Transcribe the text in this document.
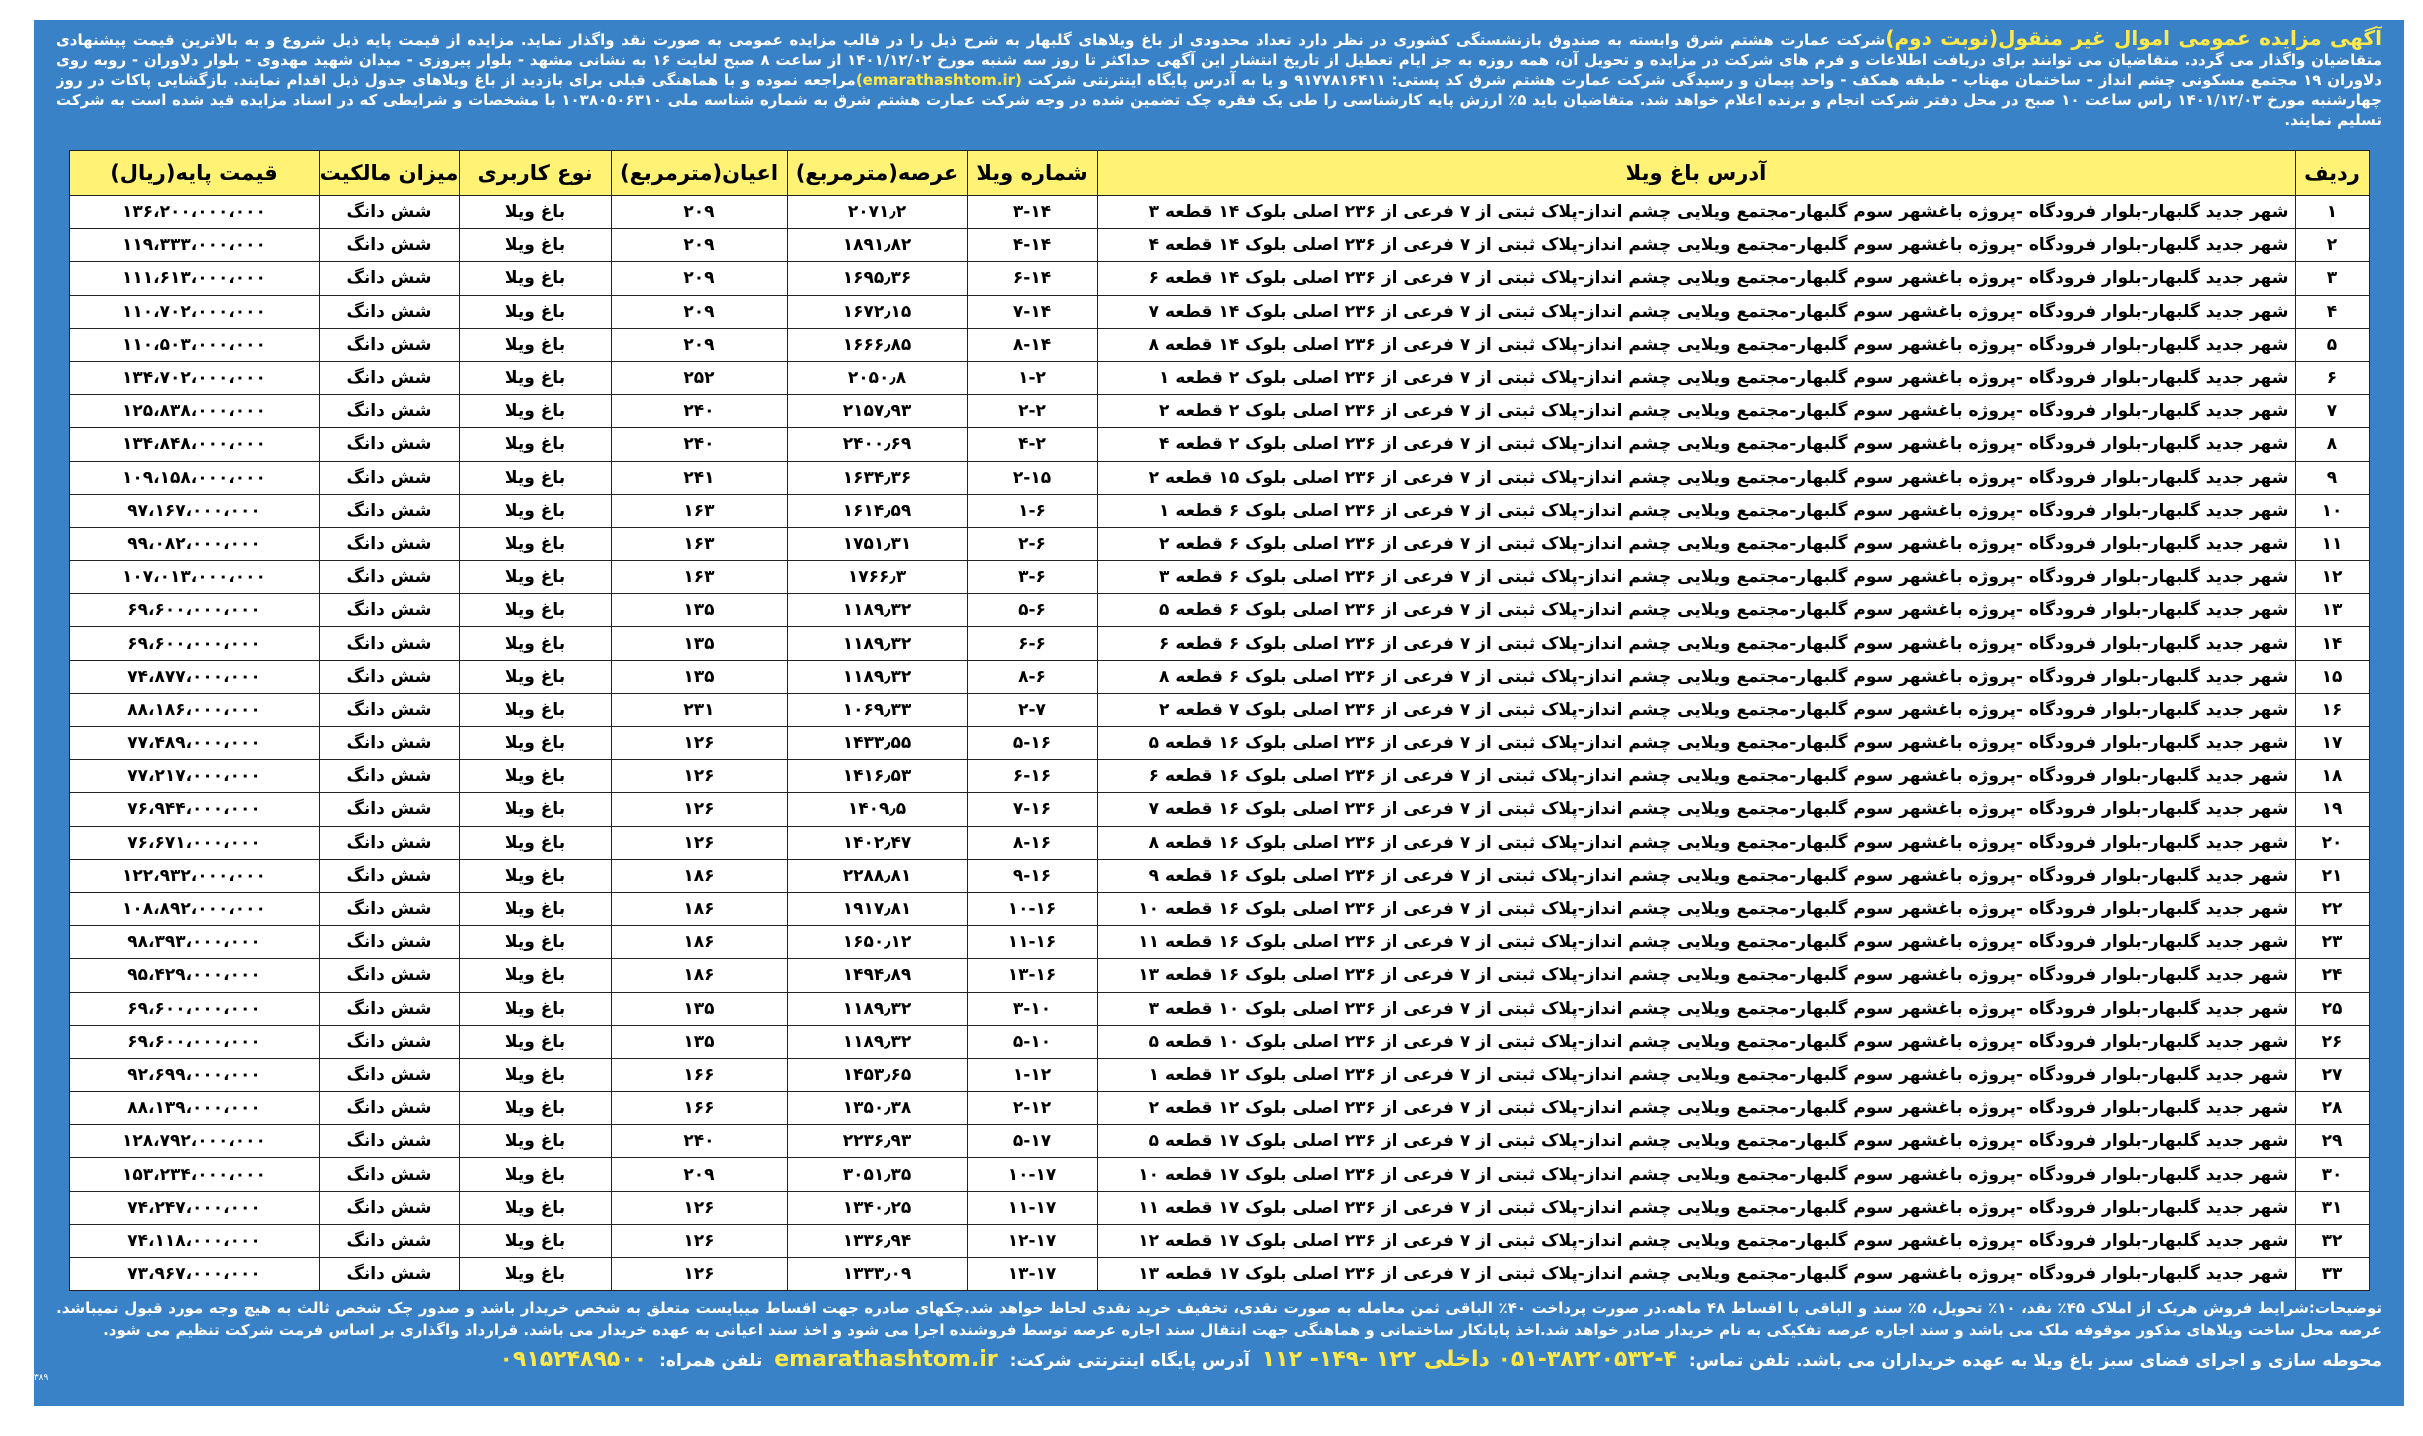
آگهی مزایده عمومی اموال غیر منقول(نوبت دوم)شرکت عمارت هشتم شرق وابسته به صندوق بازنشستگی کشوری در نظر دارد تعداد محدودی از باغ ویلاهای گلبهار به شرح ذیل را در قالب مزایده عمومی به صورت نقد واگذار نماید. مزایده از قیمت پایه ذیل شروع و به بالاترین قیمت پیشنهادی متقاضیان واگذار می گردد. متقاضیان می توانند برای دریافت اطلاعات و فرم های شرکت در مزایده و تحویل آن، همه روزه به جز ایام تعطیل از تاریخ انتشار این آگهی حداکثر تا روز سه شنبه مورخ ۱۴۰۱/۱۲/۰۲ از ساعت ۸ صبح لغایت ۱۶ به نشانی مشهد - بلوار پیروزی - میدان شهید مهدوی - بلوار دلاوران - روبه روی دلاوران ۱۹ مجتمع مسکونی چشم انداز - ساختمان مهتاب - طبقه همکف - واحد پیمان و رسیدگی شرکت عمارت هشتم شرق کد پستی: ۹۱۷۷۸۱۶۴۱۱ و یا به آدرس پایگاه اینترنتی شرکت (emarathashtom.ir)مراجعه نموده و با هماهنگی قبلی برای بازدید از باغ ویلاهای جدول ذیل اقدام نمایند. بازگشایی پاکات در روز چهارشنبه مورخ ۱۴۰۱/۱۲/۰۳ راس ساعت ۱۰ صبح در محل دفتر شرکت انجام و برنده اعلام خواهد شد. متقاضیان باید ۵٪ ارزش پایه کارشناسی را طی یک فقره چک تضمین شده در وجه شرکت عمارت هشتم شرق به شماره شناسه ملی ۱۰۳۸۰۵۰۶۳۱۰ با مشخصات و شرایطی که در اسناد مزایده قید شده است به شرکت تسلیم نمایند.
ردیف	آدرس باغ ویلا	شماره ویلا	عرصه(مترمربع)	اعیان(مترمربع)	نوع کاربری	میزان مالکیت	قیمت پایه(ریال)
۱	شهر جدید گلبهار-بلوار فرودگاه -پروژه باغشهر سوم گلبهار-مجتمع ویلایی چشم انداز-پلاک ثبتی از ۷ فرعی از ۲۳۶ اصلی بلوک ۱۴ قطعه ۳	۳-۱۴	۲۰۷۱٫۲	۲۰۹	باغ ویلا	شش دانگ	۱۳۶،۲۰۰،۰۰۰،۰۰۰
۲	شهر جدید گلبهار-بلوار فرودگاه -پروژه باغشهر سوم گلبهار-مجتمع ویلایی چشم انداز-پلاک ثبتی از ۷ فرعی از ۲۳۶ اصلی بلوک ۱۴ قطعه ۴	۴-۱۴	۱۸۹۱٫۸۲	۲۰۹	باغ ویلا	شش دانگ	۱۱۹،۳۳۳،۰۰۰،۰۰۰
۳	شهر جدید گلبهار-بلوار فرودگاه -پروژه باغشهر سوم گلبهار-مجتمع ویلایی چشم انداز-پلاک ثبتی از ۷ فرعی از ۲۳۶ اصلی بلوک ۱۴ قطعه ۶	۶-۱۴	۱۶۹۵٫۳۶	۲۰۹	باغ ویلا	شش دانگ	۱۱۱،۶۱۳،۰۰۰،۰۰۰
۴	شهر جدید گلبهار-بلوار فرودگاه -پروژه باغشهر سوم گلبهار-مجتمع ویلایی چشم انداز-پلاک ثبتی از ۷ فرعی از ۲۳۶ اصلی بلوک ۱۴ قطعه ۷	۷-۱۴	۱۶۷۲٫۱۵	۲۰۹	باغ ویلا	شش دانگ	۱۱۰،۷۰۲،۰۰۰،۰۰۰
۵	شهر جدید گلبهار-بلوار فرودگاه -پروژه باغشهر سوم گلبهار-مجتمع ویلایی چشم انداز-پلاک ثبتی از ۷ فرعی از ۲۳۶ اصلی بلوک ۱۴ قطعه ۸	۸-۱۴	۱۶۶۶٫۸۵	۲۰۹	باغ ویلا	شش دانگ	۱۱۰،۵۰۳،۰۰۰،۰۰۰
۶	شهر جدید گلبهار-بلوار فرودگاه -پروژه باغشهر سوم گلبهار-مجتمع ویلایی چشم انداز-پلاک ثبتی از ۷ فرعی از ۲۳۶ اصلی بلوک ۲ قطعه ۱	۱-۲	۲۰۵۰٫۸	۲۵۲	باغ ویلا	شش دانگ	۱۳۴،۷۰۲،۰۰۰،۰۰۰
۷	شهر جدید گلبهار-بلوار فرودگاه -پروژه باغشهر سوم گلبهار-مجتمع ویلایی چشم انداز-پلاک ثبتی از ۷ فرعی از ۲۳۶ اصلی بلوک ۲ قطعه ۲	۲-۲	۲۱۵۷٫۹۳	۲۴۰	باغ ویلا	شش دانگ	۱۲۵،۸۳۸،۰۰۰،۰۰۰
۸	شهر جدید گلبهار-بلوار فرودگاه -پروژه باغشهر سوم گلبهار-مجتمع ویلایی چشم انداز-پلاک ثبتی از ۷ فرعی از ۲۳۶ اصلی بلوک ۲ قطعه ۴	۴-۲	۲۴۰۰٫۶۹	۲۴۰	باغ ویلا	شش دانگ	۱۳۴،۸۴۸،۰۰۰،۰۰۰
۹	شهر جدید گلبهار-بلوار فرودگاه -پروژه باغشهر سوم گلبهار-مجتمع ویلایی چشم انداز-پلاک ثبتی از ۷ فرعی از ۲۳۶ اصلی بلوک ۱۵ قطعه ۲	۲-۱۵	۱۶۳۴٫۳۶	۲۴۱	باغ ویلا	شش دانگ	۱۰۹،۱۵۸،۰۰۰،۰۰۰
۱۰	شهر جدید گلبهار-بلوار فرودگاه -پروژه باغشهر سوم گلبهار-مجتمع ویلایی چشم انداز-پلاک ثبتی از ۷ فرعی از ۲۳۶ اصلی بلوک ۶ قطعه ۱	۱-۶	۱۶۱۴٫۵۹	۱۶۳	باغ ویلا	شش دانگ	۹۷،۱۶۷،۰۰۰،۰۰۰
۱۱	شهر جدید گلبهار-بلوار فرودگاه -پروژه باغشهر سوم گلبهار-مجتمع ویلایی چشم انداز-پلاک ثبتی از ۷ فرعی از ۲۳۶ اصلی بلوک ۶ قطعه ۲	۲-۶	۱۷۵۱٫۳۱	۱۶۳	باغ ویلا	شش دانگ	۹۹،۰۸۲،۰۰۰،۰۰۰
۱۲	شهر جدید گلبهار-بلوار فرودگاه -پروژه باغشهر سوم گلبهار-مجتمع ویلایی چشم انداز-پلاک ثبتی از ۷ فرعی از ۲۳۶ اصلی بلوک ۶ قطعه ۳	۳-۶	۱۷۶۶٫۳	۱۶۳	باغ ویلا	شش دانگ	۱۰۷،۰۱۳،۰۰۰،۰۰۰
۱۳	شهر جدید گلبهار-بلوار فرودگاه -پروژه باغشهر سوم گلبهار-مجتمع ویلایی چشم انداز-پلاک ثبتی از ۷ فرعی از ۲۳۶ اصلی بلوک ۶ قطعه ۵	۵-۶	۱۱۸۹٫۳۲	۱۳۵	باغ ویلا	شش دانگ	۶۹،۶۰۰،۰۰۰،۰۰۰
۱۴	شهر جدید گلبهار-بلوار فرودگاه -پروژه باغشهر سوم گلبهار-مجتمع ویلایی چشم انداز-پلاک ثبتی از ۷ فرعی از ۲۳۶ اصلی بلوک ۶ قطعه ۶	۶-۶	۱۱۸۹٫۳۲	۱۳۵	باغ ویلا	شش دانگ	۶۹،۶۰۰،۰۰۰،۰۰۰
۱۵	شهر جدید گلبهار-بلوار فرودگاه -پروژه باغشهر سوم گلبهار-مجتمع ویلایی چشم انداز-پلاک ثبتی از ۷ فرعی از ۲۳۶ اصلی بلوک ۶ قطعه ۸	۸-۶	۱۱۸۹٫۳۲	۱۳۵	باغ ویلا	شش دانگ	۷۴،۸۷۷،۰۰۰،۰۰۰
۱۶	شهر جدید گلبهار-بلوار فرودگاه -پروژه باغشهر سوم گلبهار-مجتمع ویلایی چشم انداز-پلاک ثبتی از ۷ فرعی از ۲۳۶ اصلی بلوک ۷ قطعه ۲	۲-۷	۱۰۶۹٫۳۳	۲۳۱	باغ ویلا	شش دانگ	۸۸،۱۸۶،۰۰۰،۰۰۰
۱۷	شهر جدید گلبهار-بلوار فرودگاه -پروژه باغشهر سوم گلبهار-مجتمع ویلایی چشم انداز-پلاک ثبتی از ۷ فرعی از ۲۳۶ اصلی بلوک ۱۶ قطعه ۵	۵-۱۶	۱۴۳۳٫۵۵	۱۲۶	باغ ویلا	شش دانگ	۷۷،۴۸۹،۰۰۰،۰۰۰
۱۸	شهر جدید گلبهار-بلوار فرودگاه -پروژه باغشهر سوم گلبهار-مجتمع ویلایی چشم انداز-پلاک ثبتی از ۷ فرعی از ۲۳۶ اصلی بلوک ۱۶ قطعه ۶	۶-۱۶	۱۴۱۶٫۵۳	۱۲۶	باغ ویلا	شش دانگ	۷۷،۲۱۷،۰۰۰،۰۰۰
۱۹	شهر جدید گلبهار-بلوار فرودگاه -پروژه باغشهر سوم گلبهار-مجتمع ویلایی چشم انداز-پلاک ثبتی از ۷ فرعی از ۲۳۶ اصلی بلوک ۱۶ قطعه ۷	۷-۱۶	۱۴۰۹٫۵	۱۲۶	باغ ویلا	شش دانگ	۷۶،۹۴۴،۰۰۰،۰۰۰
۲۰	شهر جدید گلبهار-بلوار فرودگاه -پروژه باغشهر سوم گلبهار-مجتمع ویلایی چشم انداز-پلاک ثبتی از ۷ فرعی از ۲۳۶ اصلی بلوک ۱۶ قطعه ۸	۸-۱۶	۱۴۰۲٫۴۷	۱۲۶	باغ ویلا	شش دانگ	۷۶،۶۷۱،۰۰۰،۰۰۰
۲۱	شهر جدید گلبهار-بلوار فرودگاه -پروژه باغشهر سوم گلبهار-مجتمع ویلایی چشم انداز-پلاک ثبتی از ۷ فرعی از ۲۳۶ اصلی بلوک ۱۶ قطعه ۹	۹-۱۶	۲۲۸۸٫۸۱	۱۸۶	باغ ویلا	شش دانگ	۱۲۲،۹۳۲،۰۰۰،۰۰۰
۲۲	شهر جدید گلبهار-بلوار فرودگاه -پروژه باغشهر سوم گلبهار-مجتمع ویلایی چشم انداز-پلاک ثبتی از ۷ فرعی از ۲۳۶ اصلی بلوک ۱۶ قطعه ۱۰	۱۰-۱۶	۱۹۱۷٫۸۱	۱۸۶	باغ ویلا	شش دانگ	۱۰۸،۸۹۲،۰۰۰،۰۰۰
۲۳	شهر جدید گلبهار-بلوار فرودگاه -پروژه باغشهر سوم گلبهار-مجتمع ویلایی چشم انداز-پلاک ثبتی از ۷ فرعی از ۲۳۶ اصلی بلوک ۱۶ قطعه ۱۱	۱۱-۱۶	۱۶۵۰٫۱۲	۱۸۶	باغ ویلا	شش دانگ	۹۸،۳۹۳،۰۰۰،۰۰۰
۲۴	شهر جدید گلبهار-بلوار فرودگاه -پروژه باغشهر سوم گلبهار-مجتمع ویلایی چشم انداز-پلاک ثبتی از ۷ فرعی از ۲۳۶ اصلی بلوک ۱۶ قطعه ۱۳	۱۳-۱۶	۱۴۹۴٫۸۹	۱۸۶	باغ ویلا	شش دانگ	۹۵،۴۲۹،۰۰۰،۰۰۰
۲۵	شهر جدید گلبهار-بلوار فرودگاه -پروژه باغشهر سوم گلبهار-مجتمع ویلایی چشم انداز-پلاک ثبتی از ۷ فرعی از ۲۳۶ اصلی بلوک ۱۰ قطعه ۳	۳-۱۰	۱۱۸۹٫۳۲	۱۳۵	باغ ویلا	شش دانگ	۶۹،۶۰۰،۰۰۰،۰۰۰
۲۶	شهر جدید گلبهار-بلوار فرودگاه -پروژه باغشهر سوم گلبهار-مجتمع ویلایی چشم انداز-پلاک ثبتی از ۷ فرعی از ۲۳۶ اصلی بلوک ۱۰ قطعه ۵	۵-۱۰	۱۱۸۹٫۳۲	۱۳۵	باغ ویلا	شش دانگ	۶۹،۶۰۰،۰۰۰،۰۰۰
۲۷	شهر جدید گلبهار-بلوار فرودگاه -پروژه باغشهر سوم گلبهار-مجتمع ویلایی چشم انداز-پلاک ثبتی از ۷ فرعی از ۲۳۶ اصلی بلوک ۱۲ قطعه ۱	۱-۱۲	۱۴۵۳٫۶۵	۱۶۶	باغ ویلا	شش دانگ	۹۲،۶۹۹،۰۰۰،۰۰۰
۲۸	شهر جدید گلبهار-بلوار فرودگاه -پروژه باغشهر سوم گلبهار-مجتمع ویلایی چشم انداز-پلاک ثبتی از ۷ فرعی از ۲۳۶ اصلی بلوک ۱۲ قطعه ۲	۲-۱۲	۱۳۵۰٫۳۸	۱۶۶	باغ ویلا	شش دانگ	۸۸،۱۳۹،۰۰۰،۰۰۰
۲۹	شهر جدید گلبهار-بلوار فرودگاه -پروژه باغشهر سوم گلبهار-مجتمع ویلایی چشم انداز-پلاک ثبتی از ۷ فرعی از ۲۳۶ اصلی بلوک ۱۷ قطعه ۵	۵-۱۷	۲۲۳۶٫۹۳	۲۴۰	باغ ویلا	شش دانگ	۱۲۸،۷۹۲،۰۰۰،۰۰۰
۳۰	شهر جدید گلبهار-بلوار فرودگاه -پروژه باغشهر سوم گلبهار-مجتمع ویلایی چشم انداز-پلاک ثبتی از ۷ فرعی از ۲۳۶ اصلی بلوک ۱۷ قطعه ۱۰	۱۰-۱۷	۳۰۵۱٫۳۵	۲۰۹	باغ ویلا	شش دانگ	۱۵۳،۲۳۴،۰۰۰،۰۰۰
۳۱	شهر جدید گلبهار-بلوار فرودگاه -پروژه باغشهر سوم گلبهار-مجتمع ویلایی چشم انداز-پلاک ثبتی از ۷ فرعی از ۲۳۶ اصلی بلوک ۱۷ قطعه ۱۱	۱۱-۱۷	۱۳۴۰٫۲۵	۱۲۶	باغ ویلا	شش دانگ	۷۴،۲۴۷،۰۰۰،۰۰۰
۳۲	شهر جدید گلبهار-بلوار فرودگاه -پروژه باغشهر سوم گلبهار-مجتمع ویلایی چشم انداز-پلاک ثبتی از ۷ فرعی از ۲۳۶ اصلی بلوک ۱۷ قطعه ۱۲	۱۲-۱۷	۱۳۳۶٫۹۴	۱۲۶	باغ ویلا	شش دانگ	۷۴،۱۱۸،۰۰۰،۰۰۰
۳۳	شهر جدید گلبهار-بلوار فرودگاه -پروژه باغشهر سوم گلبهار-مجتمع ویلایی چشم انداز-پلاک ثبتی از ۷ فرعی از ۲۳۶ اصلی بلوک ۱۷ قطعه ۱۳	۱۳-۱۷	۱۳۳۳٫۰۹	۱۲۶	باغ ویلا	شش دانگ	۷۳،۹۶۷،۰۰۰،۰۰۰
توضیحات:شرایط فروش هریک از املاک ۴۵٪ نقد، ۱۰٪ تحویل، ۵٪ سند و الباقی با اقساط ۴۸ ماهه.در صورت پرداخت ۴۰٪ الباقی ثمن معامله به صورت نقدی، تخفیف خرید نقدی لحاظ خواهد شد.چکهای صادره جهت اقساط میبایست متعلق به شخص خریدار باشد و صدور چک شخص ثالث به هیچ وجه مورد قبول نمیباشد. عرصه محل ساخت ویلاهای مذکور موقوفه ملک می باشد و سند اجاره عرصه تفکیکی به نام خریدار صادر خواهد شد.اخذ پایانکار ساختمانی و هماهنگی جهت انتقال سند اجاره عرصه توسط فروشنده اجرا می شود و اخذ سند اعیانی به عهده خریدار می باشد. قرارداد واگذاری بر اساس فرمت شرکت تنظیم می شود.
محوطه سازی و اجرای فضای سبز باغ ویلا به عهده خریداران می باشد. تلفن تماس: ۴-۳۸۲۲۰۵۳۲-۰۵۱ داخلی ۱۲۲ -۱۴۹- ۱۱۲ آدرس پایگاه اینترنتی شرکت: emarathashtom.ir تلفن همراه: ۰۹۱۵۲۴۸۹۵۰۰
۱۴۰۱۰۰۵۳۸۹
